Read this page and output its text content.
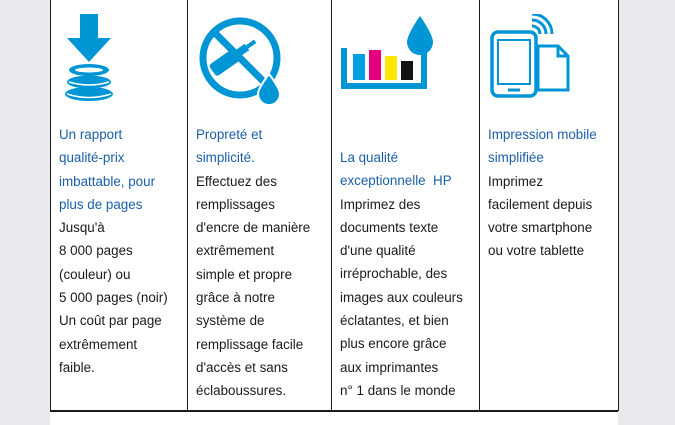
Un rapport
qualité-prix
imbattable, pour
plus de pages
Jusqu'à
8 000 pages
(couleur) ou
5 000 pages (noir)
Un coût par page
extrêmement
faible.
Propreté et
simplicité.
Effectuez des
remplissages
d'encre de manière
extrêmement
simple et propre
grâce à notre
système de
remplissage facile
d'accès et sans
éclaboussures.
La qualité
exceptionnelle  HP
Imprimez des
documents texte
d'une qualité
irréprochable, des
images aux couleurs
éclatantes, et bien
plus encore grâce
aux imprimantes
n° 1 dans le monde
Impression mobile
simplifiée
Imprimez
facilement depuis
votre smartphone
ou votre tablette
